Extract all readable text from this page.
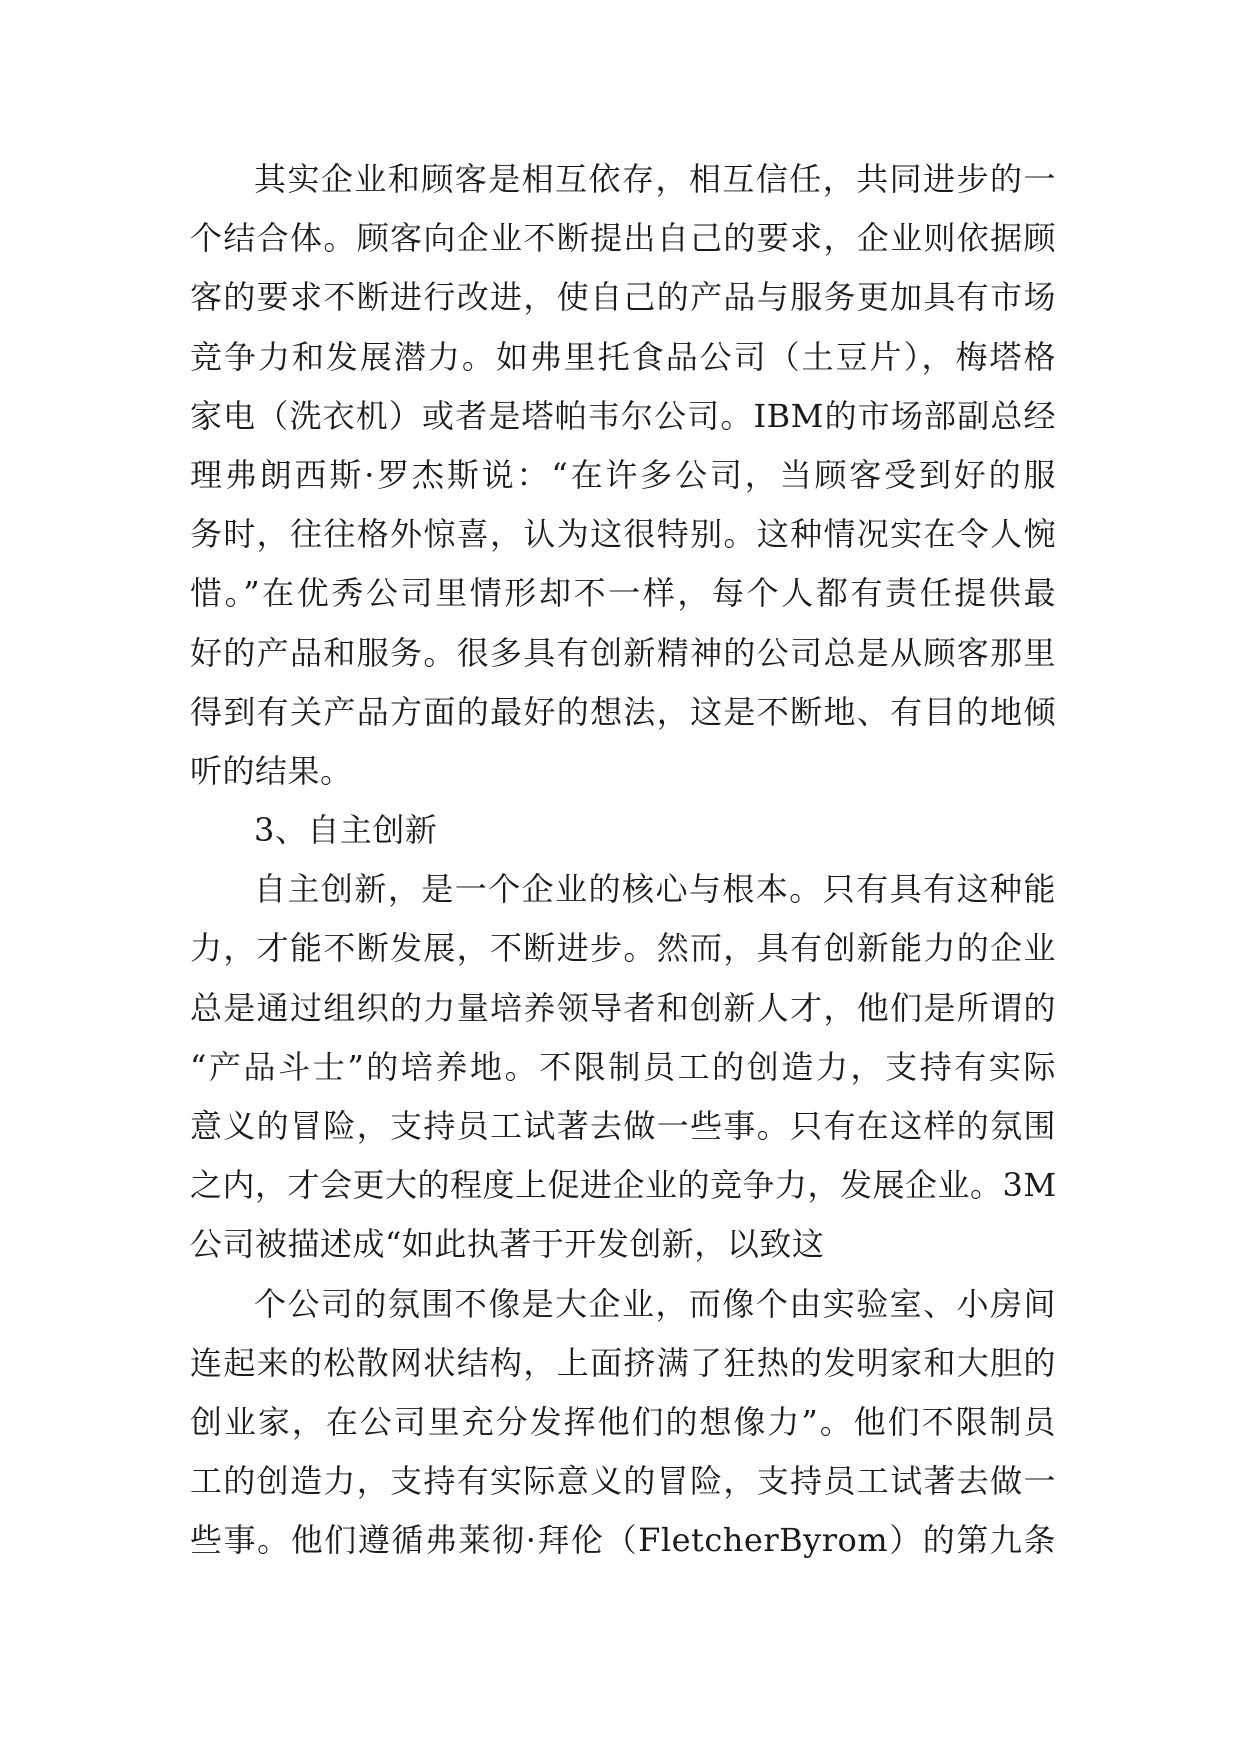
其实企业和顾客是相互依存，相互信任，共同进步的一
个结合体。顾客向企业不断提出自己的要求，企业则依据顾
客的要求不断进行改进，使自己的产品与服务更加具有市场
竞争力和发展潜力。如弗里托食品公司（土豆片），梅塔格
家电（洗衣机）或者是塔帕韦尔公司。IBM的市场部副总经
理弗朗西斯·罗杰斯说：“在许多公司，当顾客受到好的服
务时，往往格外惊喜，认为这很特别。这种情况实在令人惋
惜。”在优秀公司里情形却不一样，每个人都有责任提供最
好的产品和服务。很多具有创新精神的公司总是从顾客那里
得到有关产品方面的最好的想法，这是不断地、有目的地倾
听的结果。
3、自主创新
自主创新，是一个企业的核心与根本。只有具有这种能
力，才能不断发展，不断进步。然而，具有创新能力的企业
总是通过组织的力量培养领导者和创新人才，他们是所谓的
“产品斗士”的培养地。不限制员工的创造力，支持有实际
意义的冒险，支持员工试著去做一些事。只有在这样的氛围
之内，才会更大的程度上促进企业的竞争力，发展企业。3M
公司被描述成“如此执著于开发创新，以致这
个公司的氛围不像是大企业，而像个由实验室、小房间
连起来的松散网状结构，上面挤满了狂热的发明家和大胆的
创业家，在公司里充分发挥他们的想像力”。他们不限制员
工的创造力，支持有实际意义的冒险，支持员工试著去做一
些事。他们遵循弗莱彻·拜伦（FletcherByrom）的第九条
